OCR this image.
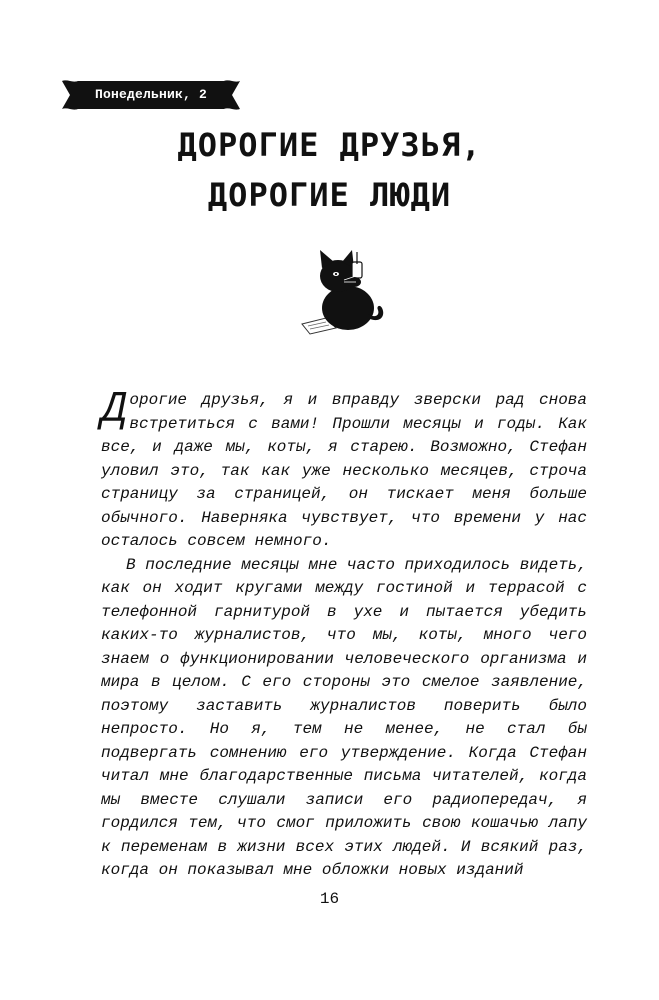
Понедельник, 2
ДОРОГИЕ ДРУЗЬЯ,
ДОРОГИЕ ЛЮДИ

Дорогие друзья, я и вправду зверски рад снова встретиться с вами! Прошли месяцы и годы. Как все, и даже мы, коты, я старею. Возможно, Стефан уловил это, так как уже несколько месяцев, строча страницу за страницей, он тискает меня больше обычного. Наверняка чувствует, что времени у нас осталось совсем немного.

В последние месяцы мне часто приходилось видеть, как он ходит кругами между гостиной и террасой с телефонной гарнитурой в ухе и пытается убедить каких-то журналистов, что мы, коты, много чего знаем о функционировании человеческого организма и мира в целом. С его стороны это смелое заявление, поэтому заставить журналистов поверить было непросто. Но я, тем не менее, не стал бы подвергать сомнению его утверждение. Когда Стефан читал мне благодарственные письма читателей, когда мы вместе слушали записи его радиопередач, я гордился тем, что смог приложить свою кошачью лапу к переменам в жизни всех этих людей. И всякий раз, когда он показывал мне обложки новых изданий

16
